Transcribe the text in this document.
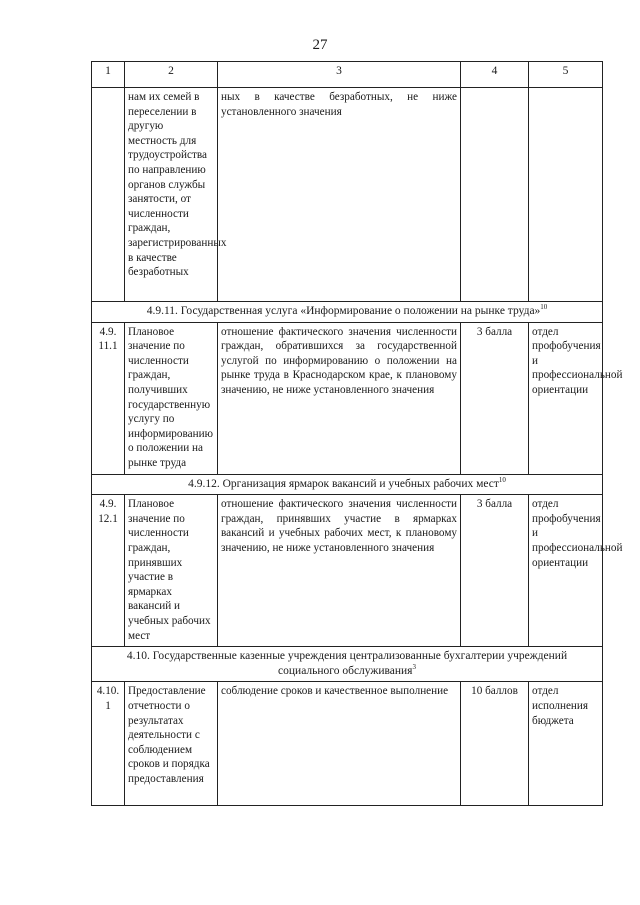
27
1	2	3	4	5
	нам их семей в переселении в другую местность для трудоустройства по направлению органов службы занятости, от численности граждан, зарегистрированных в качестве безработных	ных в качестве безработных, не ниже установленного значения		
4.9.11. Государственная услуга «Информирование о положении на рынке труда»$^{10}$
4.9. 11.1	Плановое значение по численности граждан, получивших государственную услугу по информированию о положении на рынке труда	отношение фактического значения численности граждан, обратившихся за государственной услугой по информированию о положении на рынке труда в Краснодарском крае, к плановому значению, не ниже установленного значения	3 балла	отдел профобучения и профессиональной ориентации
4.9.12. Организация ярмарок вакансий и учебных рабочих мест$^{10}$
4.9. 12.1	Плановое значение по численности граждан, принявших участие в ярмарках вакансий и учебных рабочих мест	отношение фактического значения численности граждан, принявших участие в ярмарках вакансий и учебных рабочих мест, к плановому значению, не ниже установленного значения	3 балла	отдел профобучения и профессиональной ориентации
4.10. Государственные казенные учреждения централизованные бухгалтерии учреждений социального обслуживания$^3$
4.10. 1	Предоставление отчетности о результатах деятельности с соблюдением сроков и порядка предоставления	соблюдение сроков и качественное выполнение	10 баллов	отдел исполнения бюджета
